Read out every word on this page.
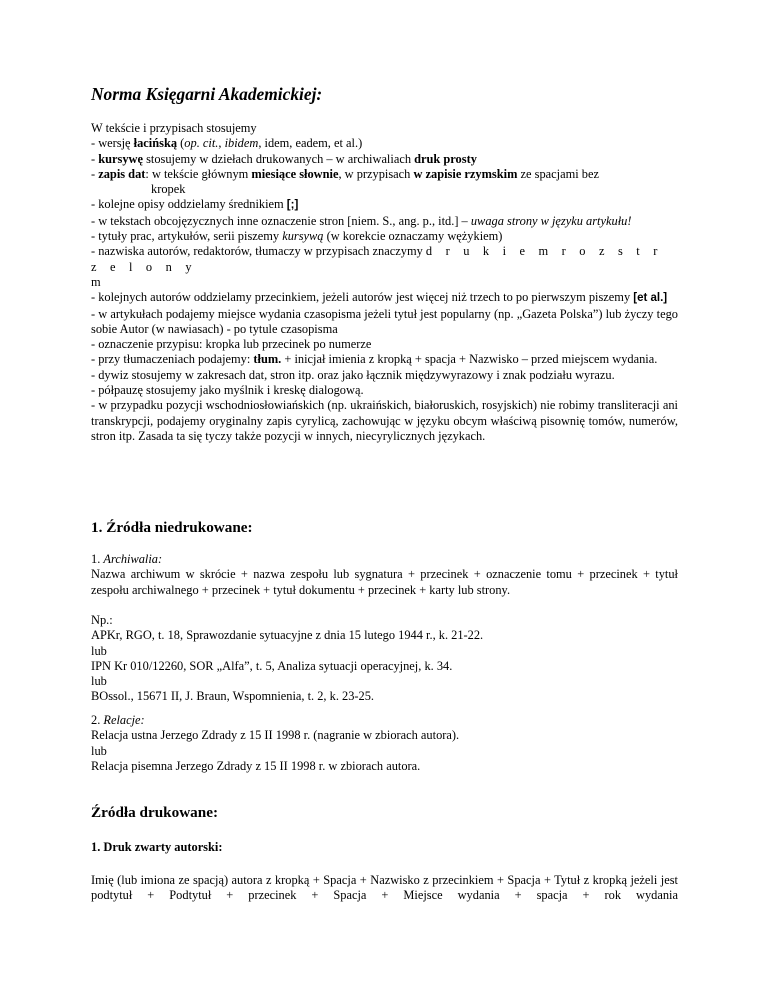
Norma Księgarni Akademickiej:

W tekście i przypisach stosujemy

- wersję łacińską (op. cit., ibidem, idem, eadem, et al.)

- kursywę stosujemy w dziełach drukowanych – w archiwaliach druk prosty

- zapis dat: w tekście głównym miesiące słownie, w przypisach w zapisie rzymskim ze spacjami bez

kropek

- kolejne opisy oddzielamy średnikiem [;]

- w tekstach obcojęzycznych inne oznaczenie stron [niem. S., ang. p., itd.] – uwaga strony w języku artykułu!

- tytuły prac, artykułów, serii piszemy kursywą (w korekcie oznaczamy wężykiem)

- nazwiska autorów, redaktorów, tłumaczy w przypisach znaczymy d r u k i e m r o z s t r z e l o n y
m

- kolejnych autorów oddzielamy przecinkiem, jeżeli autorów jest więcej niż trzech to po pierwszym piszemy [et al.]

- w artykułach podajemy miejsce wydania czasopisma jeżeli tytuł jest popularny (np. „Gazeta Polska”) lub życzy tego sobie Autor (w nawiasach) - po tytule czasopisma

- oznaczenie przypisu: kropka lub przecinek po numerze

- przy tłumaczeniach podajemy: tłum. + inicjał imienia z kropką + spacja + Nazwisko – przed miejscem wydania.

- dywiz stosujemy w zakresach dat, stron itp. oraz jako łącznik międzywyrazowy i znak podziału wyrazu.

- półpauzę stosujemy jako myślnik i kreskę dialogową.

- w przypadku pozycji wschodniosłowiańskich (np. ukraińskich, białoruskich, rosyjskich) nie robimy transliteracji ani transkrypcji, podajemy oryginalny zapis cyrylicą, zachowując w języku obcym właściwą pisownię tomów, numerów, stron itp. Zasada ta się tyczy także pozycji w innych, niecyrylicznych językach.

1. Źródła niedrukowane:

1. Archiwalia:

Nazwa archiwum w skrócie + nazwa zespołu lub sygnatura + przecinek + oznaczenie tomu + przecinek + tytuł zespołu archiwalnego + przecinek + tytuł dokumentu + przecinek + karty lub strony.

Np.:

APKr, RGO, t. 18, Sprawozdanie sytuacyjne z dnia 15 lutego 1944 r., k. 21-22.

lub

IPN Kr 010/12260, SOR „Alfa”, t. 5, Analiza sytuacji operacyjnej, k. 34.

lub

BOssol., 15671 II, J. Braun, Wspomnienia, t. 2, k. 23-25.

2. Relacje:

Relacja ustna Jerzego Zdrady z 15 II 1998 r. (nagranie w zbiorach autora).

lub

Relacja pisemna Jerzego Zdrady z 15 II 1998 r. w zbiorach autora.

Źródła drukowane:
1. Druk zwarty autorski:

Imię (lub imiona ze spacją) autora z kropką + Spacja + Nazwisko z przecinkiem + Spacja + Tytuł z kropką jeżeli jest podtytuł + Podtytuł + przecinek + Spacja + Miejsce wydania + spacja + rok wydania
